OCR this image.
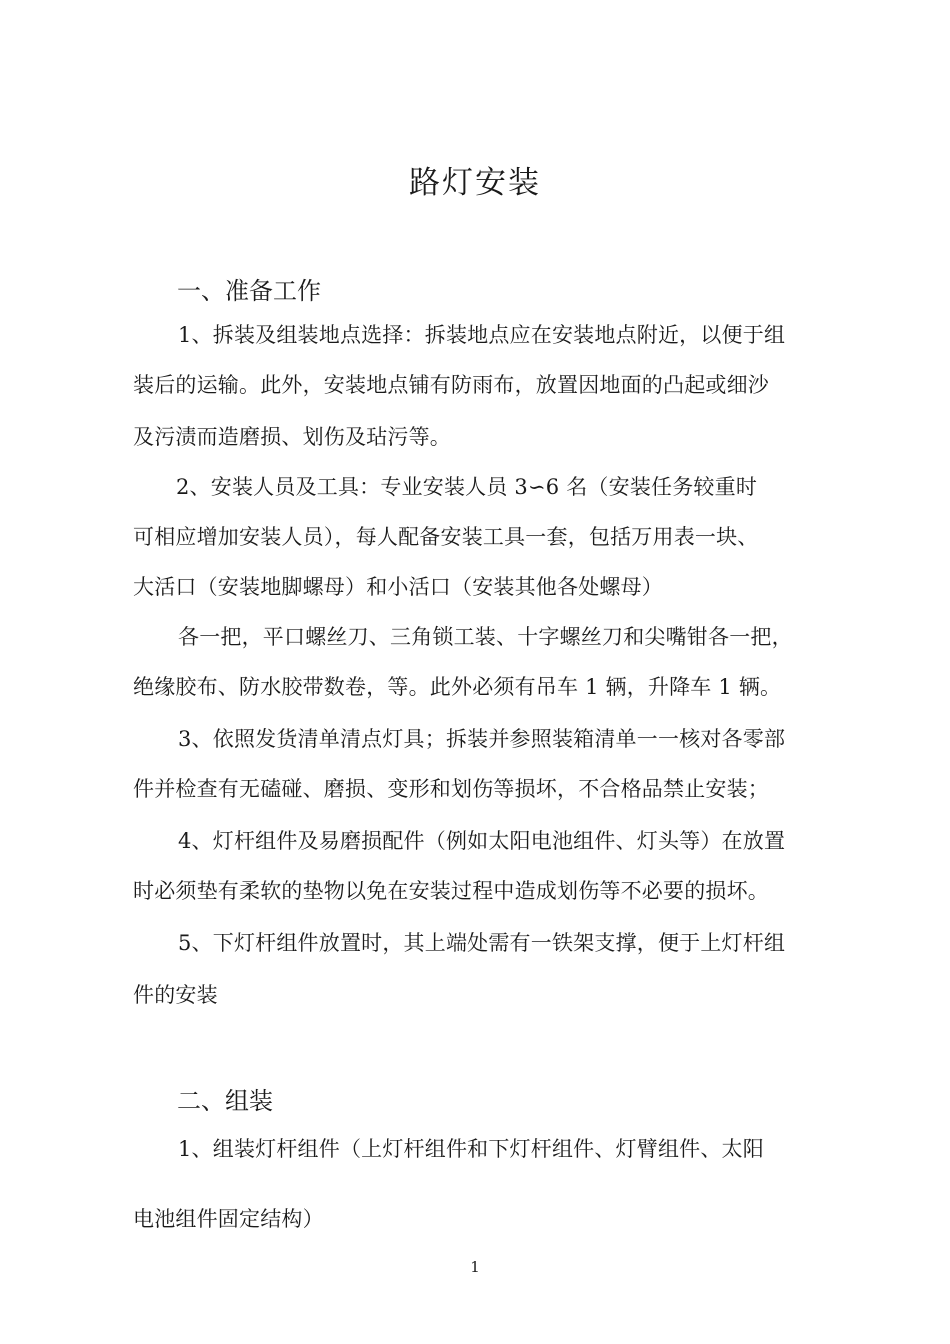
路灯安装
一、准备工作
1、拆装及组装地点选择：拆装地点应在安装地点附近，以便于组
装后的运输。此外，安装地点铺有防雨布，放置因地面的凸起或细沙
及污渍而造磨损、划伤及玷污等。
2、安装人员及工具：专业安装人员 3∽6 名（安装任务较重时
可相应增加安装人员），每人配备安装工具一套，包括万用表一块、
大活口（安装地脚螺母）和小活口（安装其他各处螺母）
各一把，平口螺丝刀、三角锁工装、十字螺丝刀和尖嘴钳各一把，
绝缘胶布、防水胶带数卷，等。此外必须有吊车 1 辆，升降车 1 辆。
3、依照发货清单清点灯具；拆装并参照装箱清单一一核对各零部
件并检查有无磕碰、磨损、变形和划伤等损坏，不合格品禁止安装；
4、灯杆组件及易磨损配件（例如太阳电池组件、灯头等）在放置
时必须垫有柔软的垫物以免在安装过程中造成划伤等不必要的损坏。
5、下灯杆组件放置时，其上端处需有一铁架支撑，便于上灯杆组
件的安装
二、组装
1、组装灯杆组件（上灯杆组件和下灯杆组件、灯臂组件、太阳
电池组件固定结构）
1
